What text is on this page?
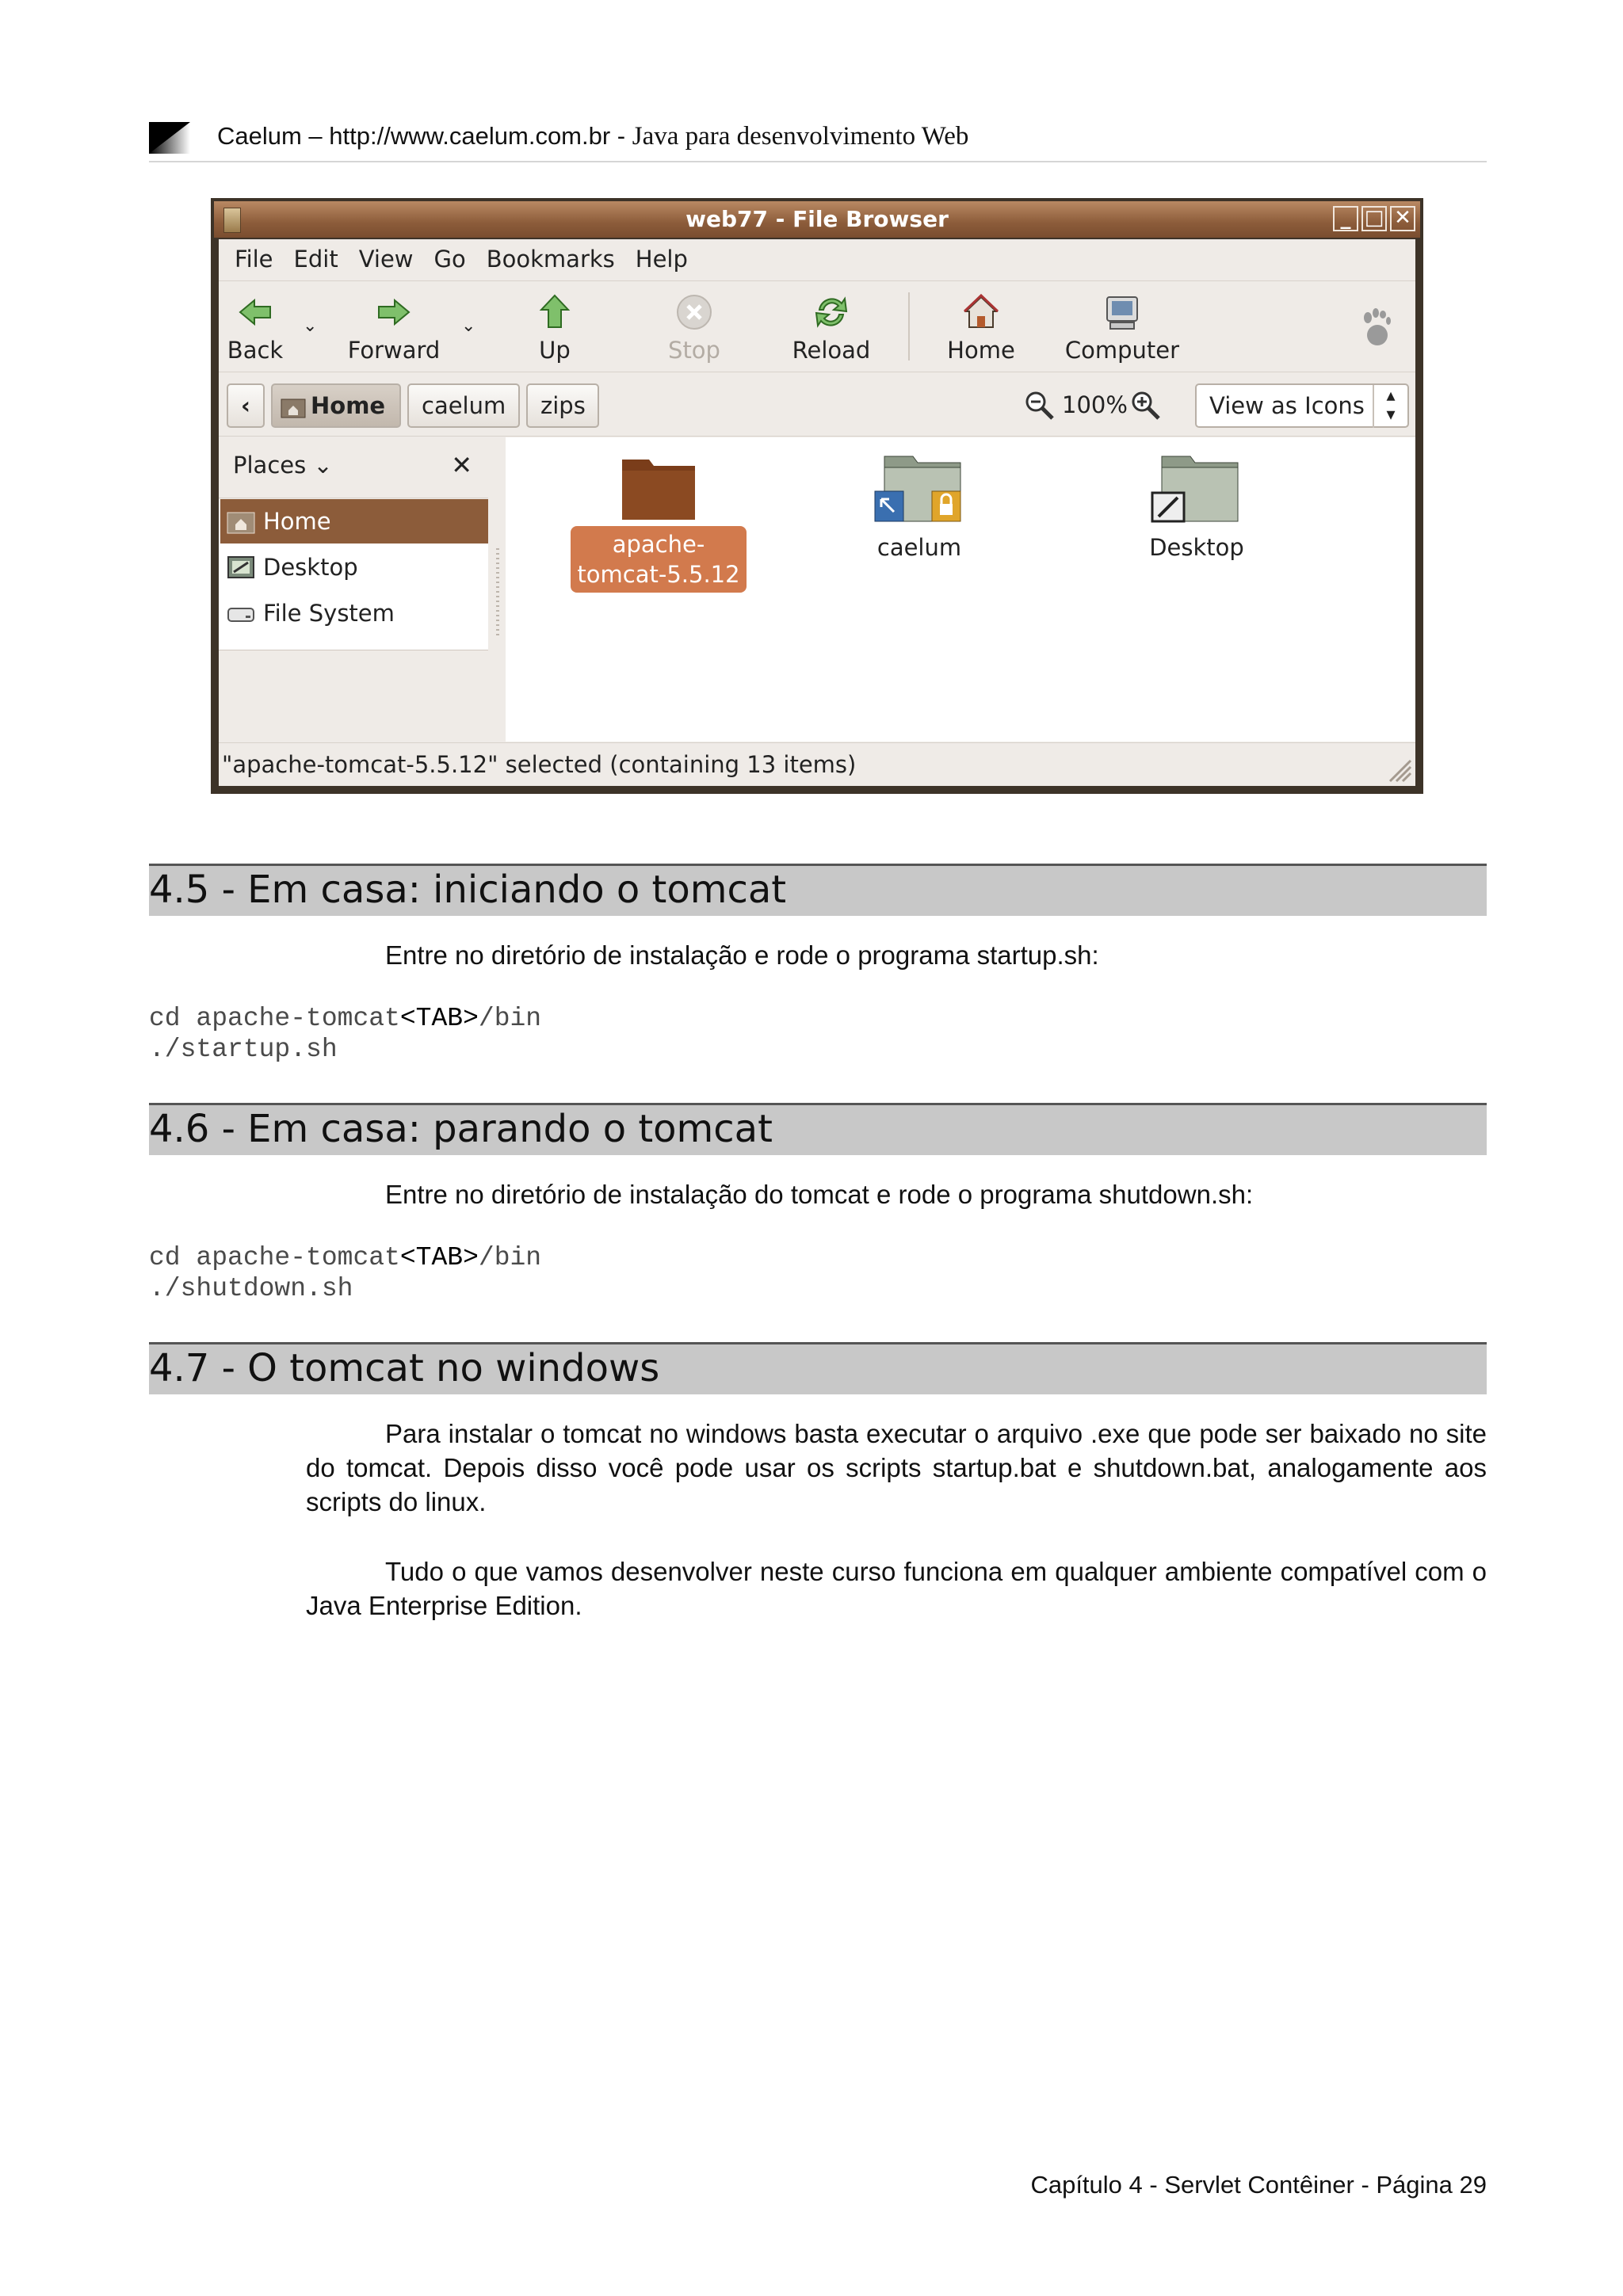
Caelum – http://www.caelum.com.br - Java para desenvolvimento Web
web77 - File Browser	_ □ ✕
File Edit View Go Bookmarks Help
Back
⌄
Forward
⌄
Up	Stop	Reload	Home Computer
‹	Home	caelum	zips	100%	View as Icons	▴
▾
Places ⌄	✕
Home
Desktop
File System
apache-
tomcat-5.5.12
caelum	Desktop
"apache-tomcat-5.5.12" selected (containing 13 items)
4.5 - Em casa: iniciando o tomcat
Entre no diretório de instalação e rode o programa startup.sh:
cd apache-tomcat<TAB>/bin
./startup.sh
4.6 - Em casa: parando o tomcat
Entre no diretório de instalação do tomcat e rode o programa shutdown.sh:
cd apache-tomcat<TAB>/bin
./shutdown.sh
4.7 - O tomcat no windows
Para instalar o tomcat no windows basta executar o arquivo .exe que pode ser baixado no site do tomcat. Depois disso você pode usar os scripts startup.bat e shutdown.bat, analogamente aos scripts do linux.
Tudo o que vamos desenvolver neste curso funciona em qualquer ambiente compatível com o Java Enterprise Edition.
Capítulo 4 - Servlet Contêiner - Página 29
